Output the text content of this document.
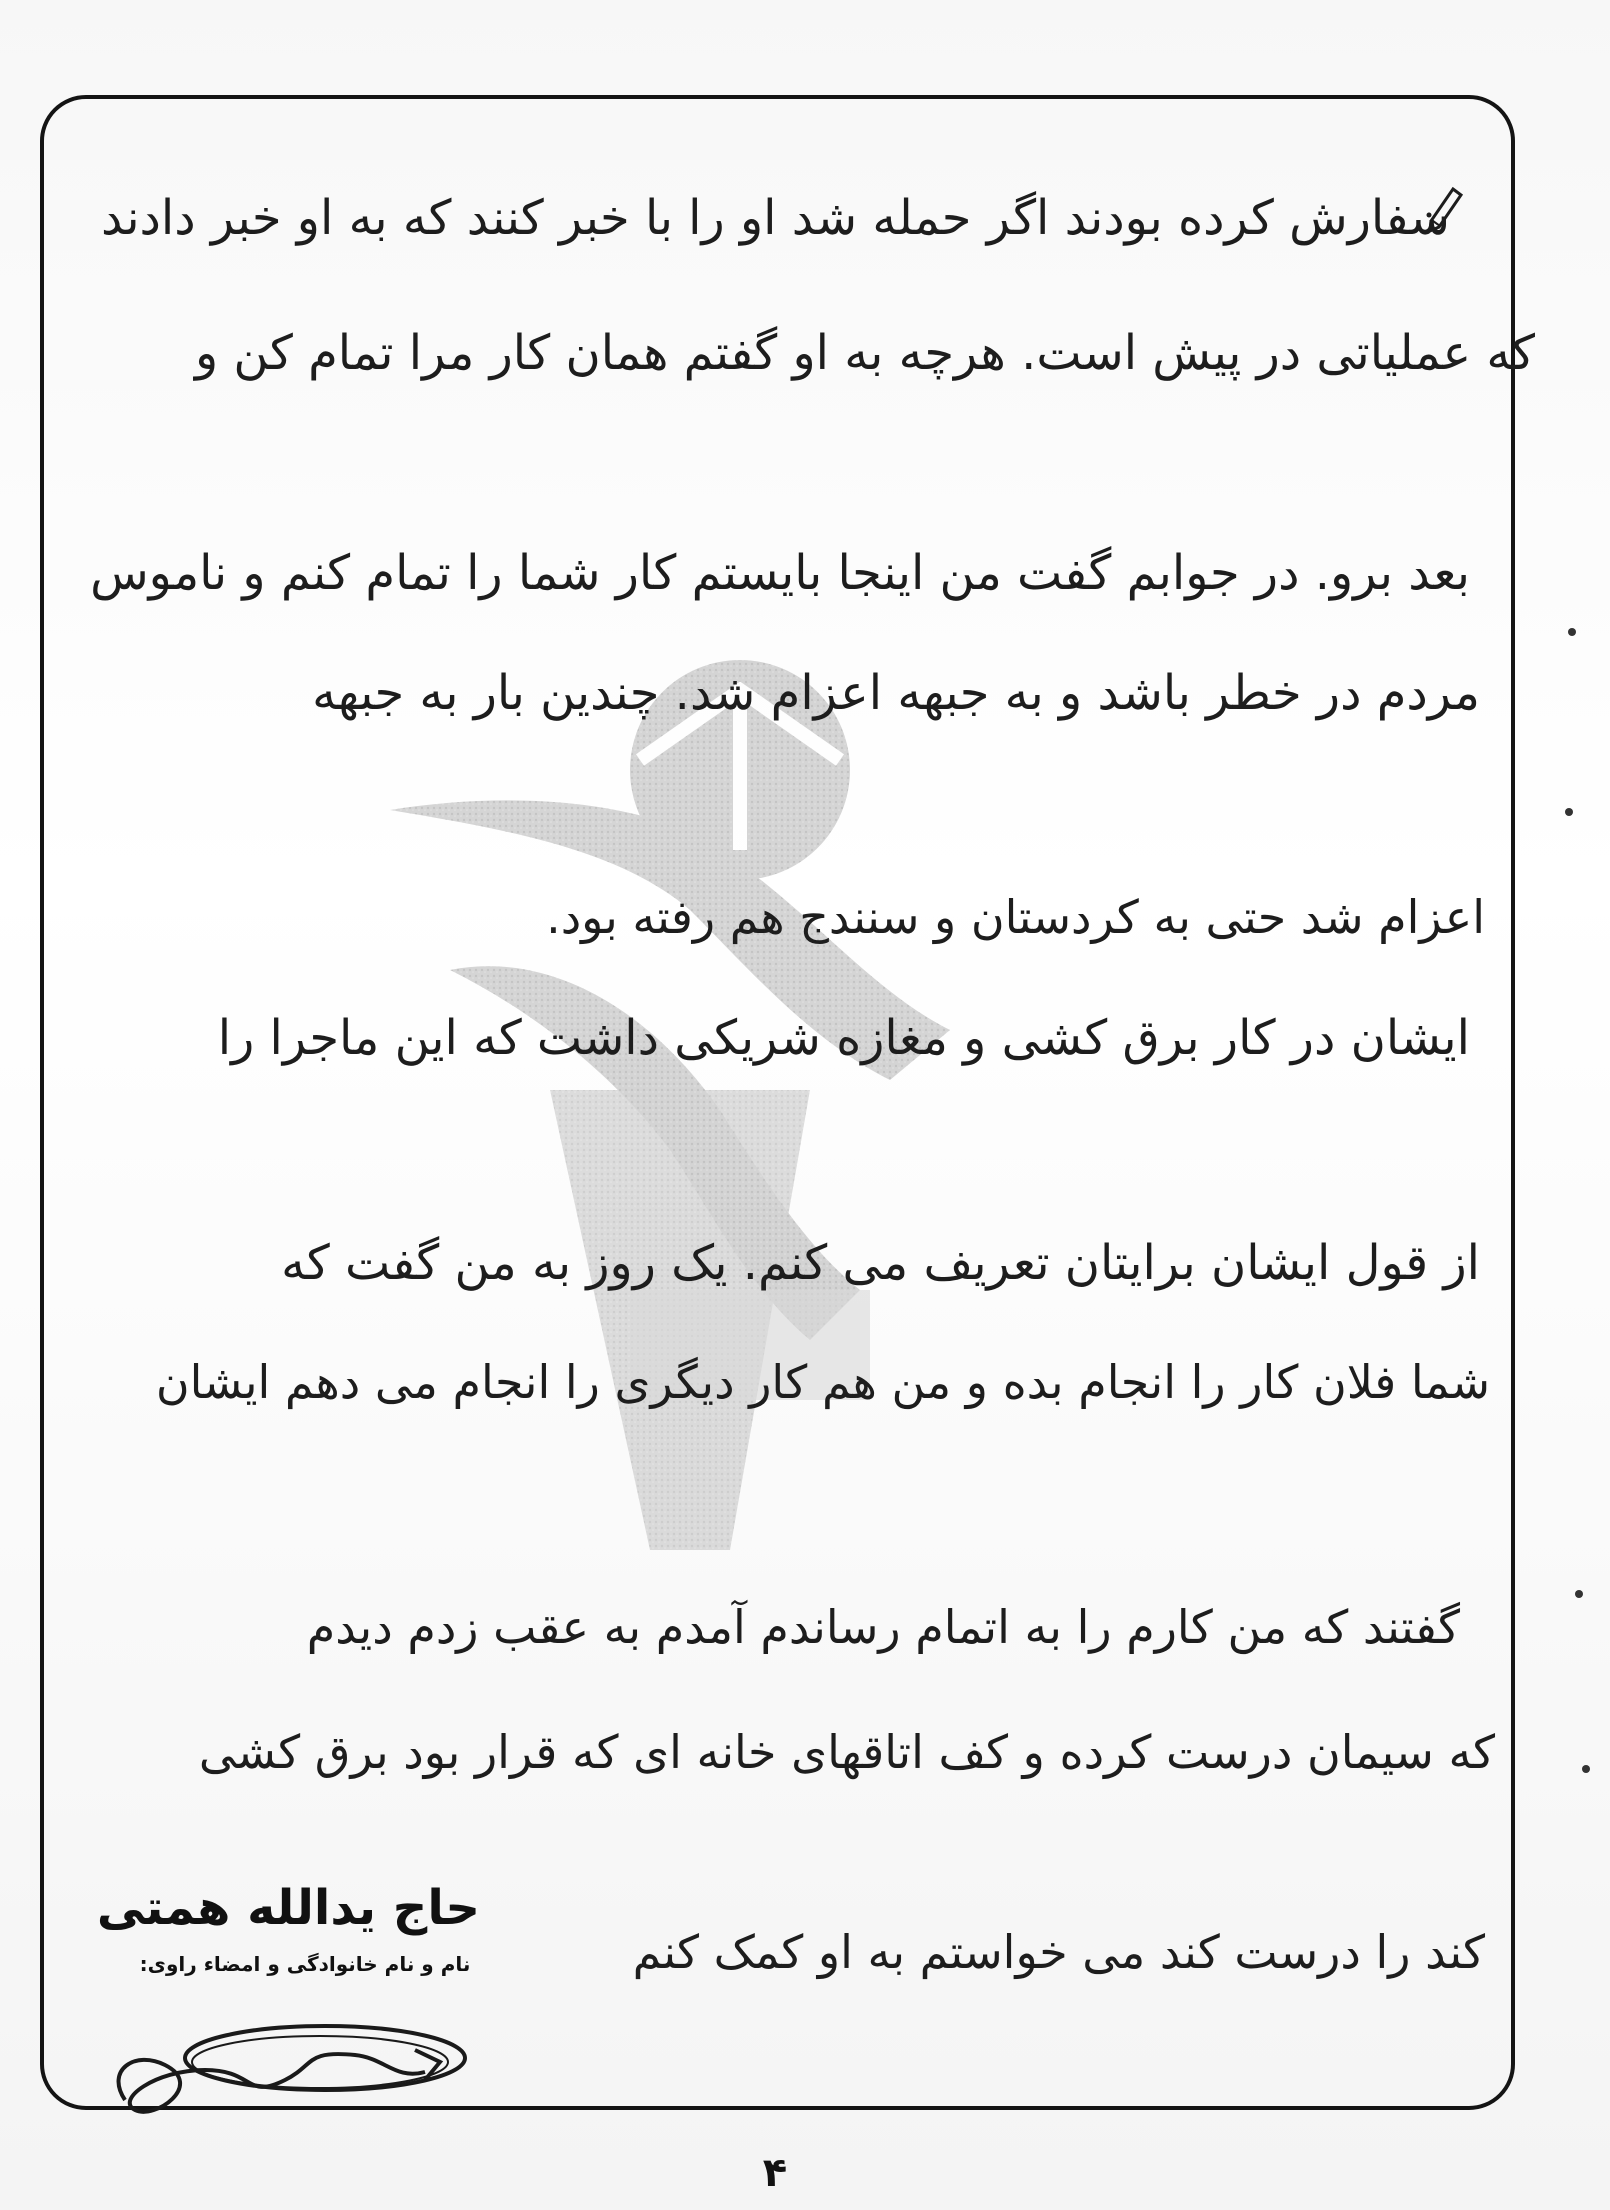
سفارش کرده بودند اگر حمله شد او را با خبر کنند که به او خبر دادند
که عملیاتی در پیش است. هرچه به او گفتم همان کار مرا تمام کن و
بعد برو. در جوابم گفت من اینجا بایستم کار شما را تمام کنم و ناموس
مردم در خطر باشد و به جبهه اعزام شد. چندین بار به جبهه
اعزام شد حتی به کردستان و سنندج هم رفته بود.
ایشان در کار برق کشی و مغازه شریکی داشت که این ماجرا را
از قول ایشان برایتان تعریف می کنم. یک روز به من گفت که
شما فلان کار را انجام بده و من هم کار دیگری را انجام می دهم ایشان
گفتند که من کارم را به اتمام رساندم آمدم به عقب زدم دیدم
که سیمان درست کرده و کف اتاقهای خانه ای که قرار بود برق کشی
کند را درست کند می خواستم به او کمک کنم
حاج یدالله همتی
نام و نام خانوادگی و امضاء راوی:
۴
